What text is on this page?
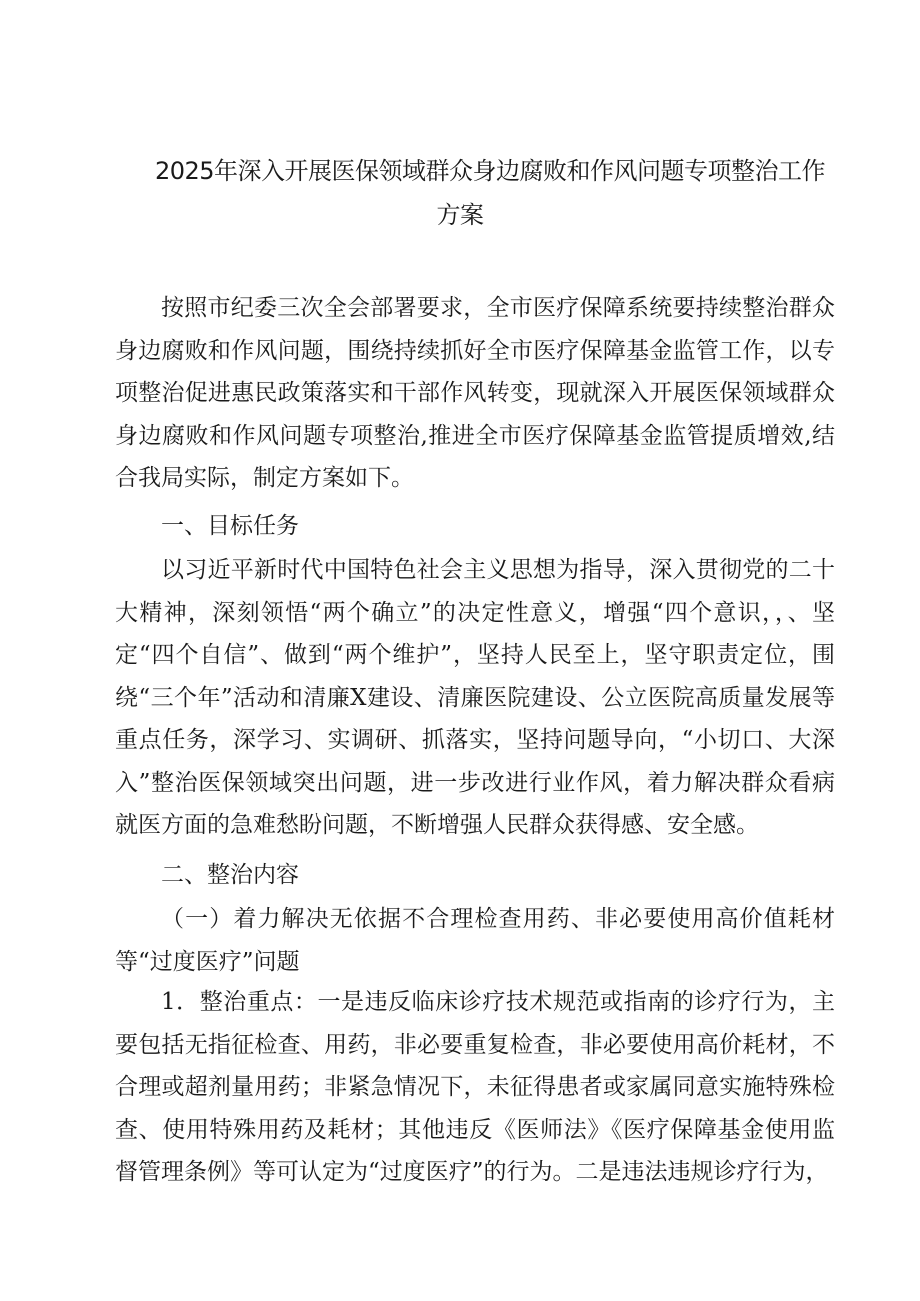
2025年深入开展医保领域群众身边腐败和作风问题专项整治工作
方案

按照市纪委三次全会部署要求，全市医疗保障系统要持续整治群众身边腐败和作风问题，围绕持续抓好全市医疗保障基金监管工作，以专项整治促进惠民政策落实和干部作风转变，现就深入开展医保领域群众身边腐败和作风问题专项整治,推进全市医疗保障基金监管提质增效,结合我局实际，制定方案如下。

一、目标任务

以习近平新时代中国特色社会主义思想为指导，深入贯彻党的二十大精神，深刻领悟“两个确立”的决定性意义，增强“四个意识，，、坚定“四个自信”、做到“两个维护”，坚持人民至上，坚守职责定位，围绕“三个年”活动和清廉X建设、清廉医院建设、公立医院高质量发展等重点任务，深学习、实调研、抓落实，坚持问题导向，“小切口、大深入”整治医保领域突出问题，进一步改进行业作风，着力解决群众看病就医方面的急难愁盼问题，不断增强人民群众获得感、安全感。

二、整治内容

（一）着力解决无依据不合理检查用药、非必要使用高价值耗材等“过度医疗”问题

1．整治重点：一是违反临床诊疗技术规范或指南的诊疗行为，主要包括无指征检查、用药，非必要重复检查，非必要使用高价耗材，不合理或超剂量用药；非紧急情况下，未征得患者或家属同意实施特殊检查、使用特殊用药及耗材；其他违反《医师法》《医疗保障基金使用监督管理条例》等可认定为“过度医疗”的行为。二是违法违规诊疗行为，
